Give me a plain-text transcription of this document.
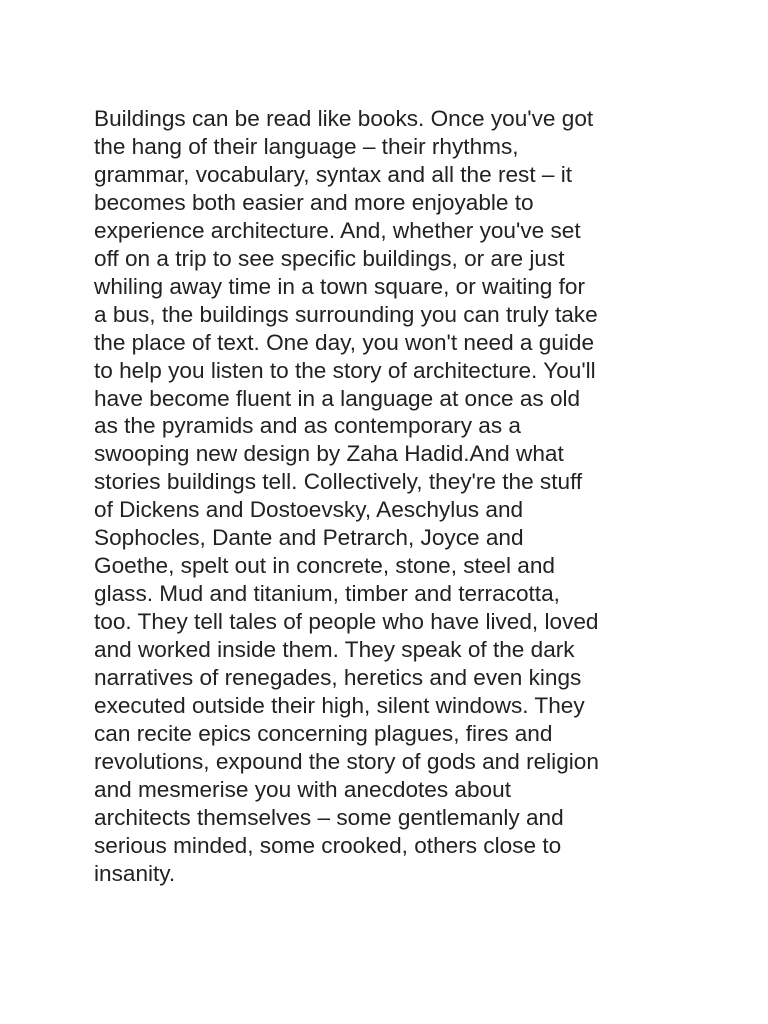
Buildings can be read like books. Once you've got
the hang of their language – their rhythms,
grammar, vocabulary, syntax and all the rest – it
becomes both easier and more enjoyable to
experience architecture. And, whether you've set
off on a trip to see specific buildings, or are just
whiling away time in a town square, or waiting for
a bus, the buildings surrounding you can truly take
the place of text. One day, you won't need a guide
to help you listen to the story of architecture. You'll
have become fluent in a language at once as old
as the pyramids and as contemporary as a
swooping new design by Zaha Hadid.And what
stories buildings tell. Collectively, they're the stuff
of Dickens and Dostoevsky, Aeschylus and
Sophocles, Dante and Petrarch, Joyce and
Goethe, spelt out in concrete, stone, steel and
glass. Mud and titanium, timber and terracotta,
too. They tell tales of people who have lived, loved
and worked inside them. They speak of the dark
narratives of renegades, heretics and even kings
executed outside their high, silent windows. They
can recite epics concerning plagues, fires and
revolutions, expound the story of gods and religion
and mesmerise you with anecdotes about
architects themselves – some gentlemanly and
serious minded, some crooked, others close to
insanity.
